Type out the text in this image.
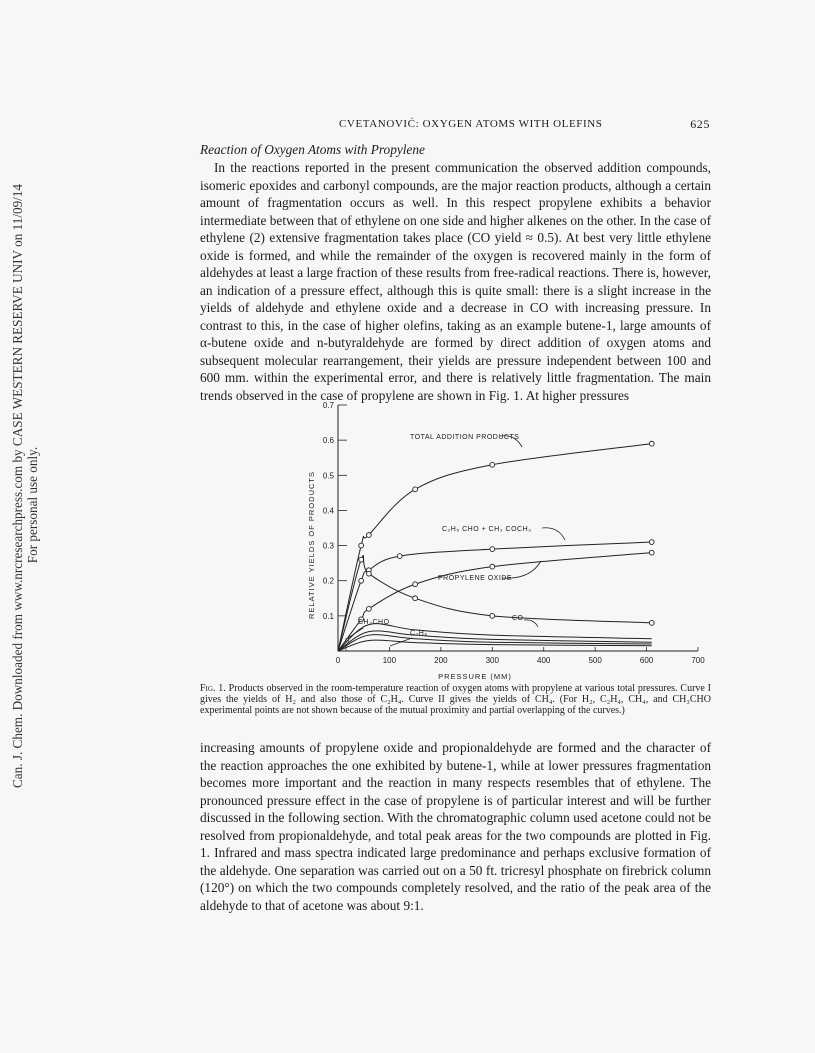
Can. J. Chem. Downloaded from www.nrcresearchpress.com by CASE WESTERN RESERVE UNIV on 11/09/14 For personal use only.
CVETANOVIĆ: OXYGEN ATOMS WITH OLEFINS	625
Reaction of Oxygen Atoms with Propylene

In the reactions reported in the present communication the observed addition compounds, isomeric epoxides and carbonyl compounds, are the major reaction products, although a certain amount of fragmentation occurs as well. In this respect propylene exhibits a behavior intermediate between that of ethylene on one side and higher alkenes on the other. In the case of ethylene (2) extensive fragmentation takes place (CO yield ≈ 0.5). At best very little ethylene oxide is formed, and while the remainder of the oxygen is recovered mainly in the form of aldehydes at least a large fraction of these results from free-radical reactions. There is, however, an indication of a pressure effect, although this is quite small: there is a slight increase in the yields of aldehyde and ethylene oxide and a decrease in CO with increasing pressure. In contrast to this, in the case of higher olefins, taking as an example butene-1, large amounts of α-butene oxide and n-butyraldehyde are formed by direct addition of oxygen atoms and subsequent molecular rearrangement, their yields are pressure independent between 100 and 600 mm. within the experimental error, and there is relatively little fragmentation. The main trends observed in the case of propylene are shown in Fig. 1. At higher pressures

0	100	200	300	400	500	600	700
0.1
0.2
0.3
0.4
0.5
0.6
0.7
TOTAL ADDITION PRODUCTS
C₂H₅ CHO + CH₃ COCH₃
PROPYLENE OXIDE
CO
CH₃CHO
C₂H₆
II
I
PRESSURE (MM)
RELATIVE YIELDS OF PRODUCTS
Fig. 1. Products observed in the room-temperature reaction of oxygen atoms with propylene at various total pressures. Curve I gives the yields of H₂ and also those of C₂H₄. Curve II gives the yields of CH₄. (For H₂, C₂H₄, CH₄, and CH₃CHO experimental points are not shown because of the mutual proximity and partial overlapping of the curves.)

increasing amounts of propylene oxide and propionaldehyde are formed and the character of the reaction approaches the one exhibited by butene-1, while at lower pressures fragmentation becomes more important and the reaction in many respects resembles that of ethylene. The pronounced pressure effect in the case of propylene is of particular interest and will be further discussed in the following section. With the chromatographic column used acetone could not be resolved from propionaldehyde, and total peak areas for the two compounds are plotted in Fig. 1. Infrared and mass spectra indicated large predominance and perhaps exclusive formation of the aldehyde. One separation was carried out on a 50 ft. tricresyl phosphate on firebrick column (120°) on which the two compounds completely resolved, and the ratio of the peak area of the aldehyde to that of acetone was about 9:1.
